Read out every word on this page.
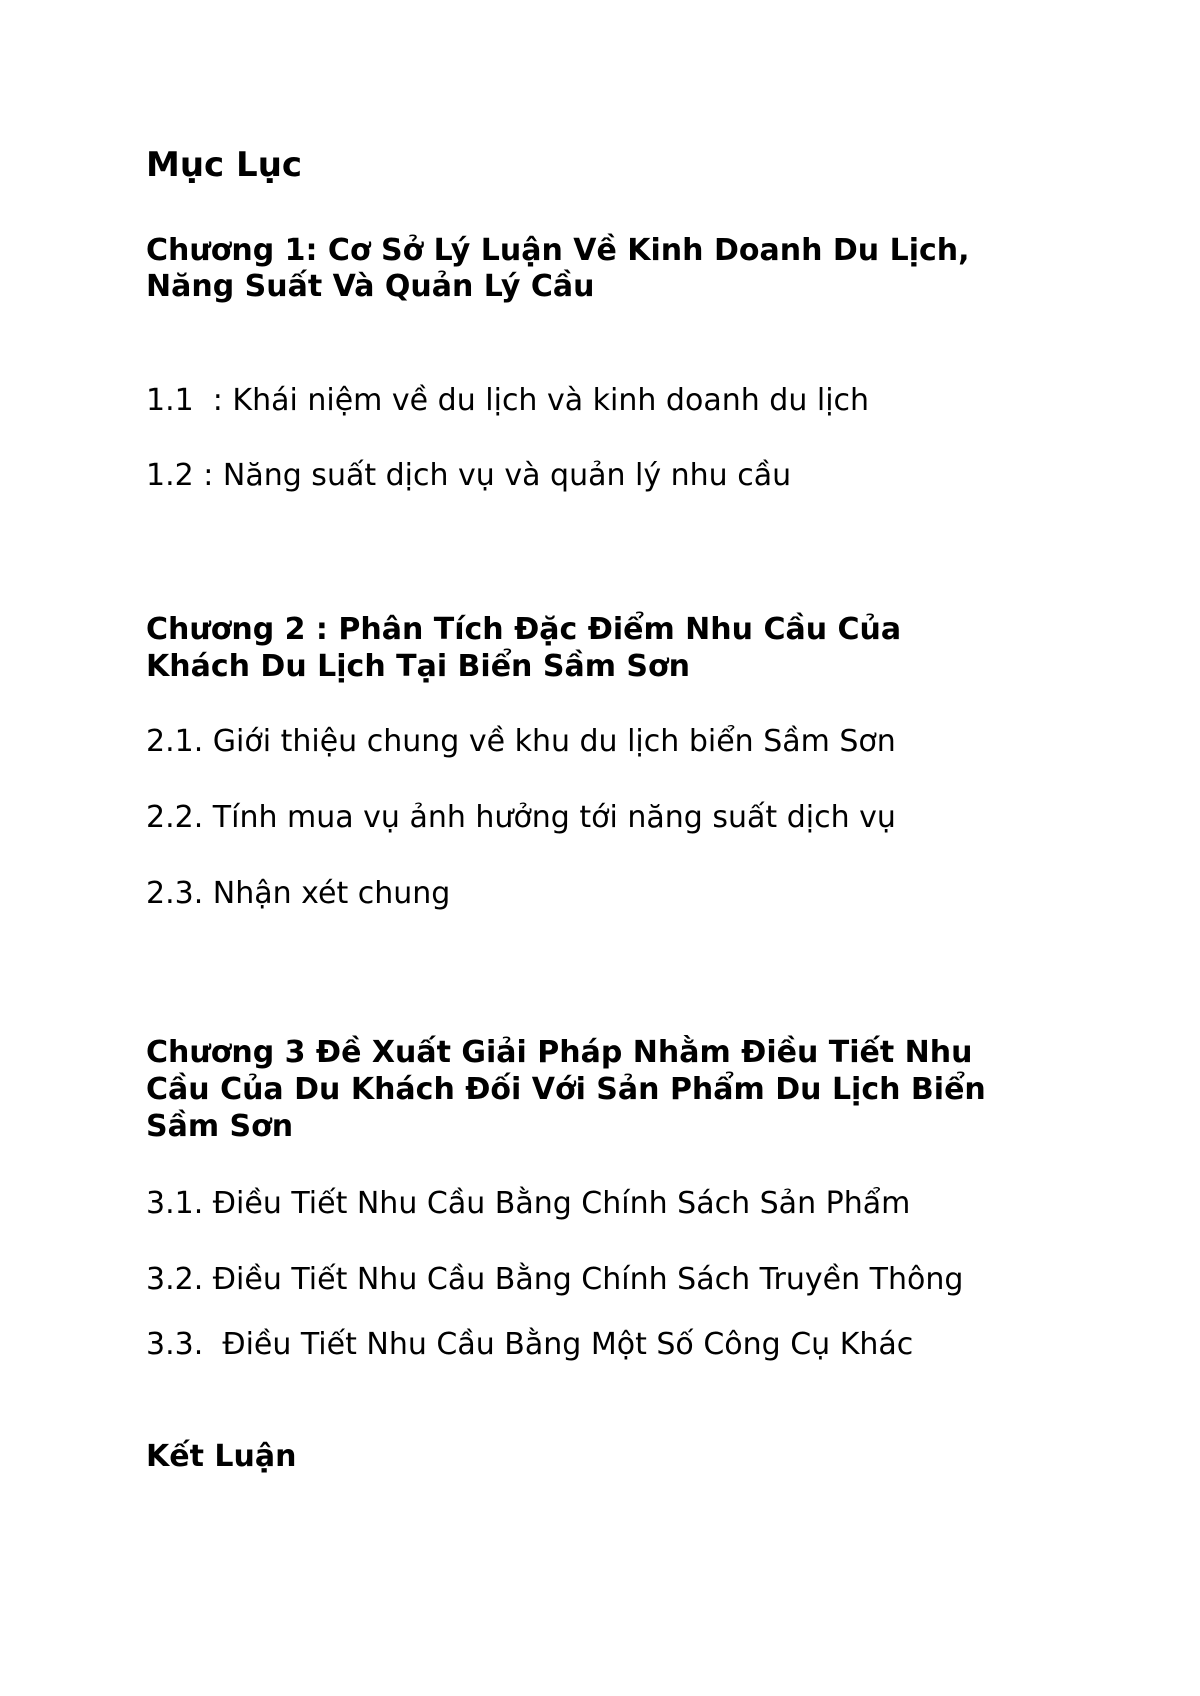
Mục Lục
Chương 1: Cơ Sở Lý Luận Về Kinh Doanh Du Lịch,
Năng Suất Và Quản Lý Cầu
1.1  : Khái niệm về du lịch và kinh doanh du lịch
1.2 : Năng suất dịch vụ và quản lý nhu cầu
Chương 2 : Phân Tích Đặc Điểm Nhu Cầu Của
Khách Du Lịch Tại Biển Sầm Sơn
2.1. Giới thiệu chung về khu du lịch biển Sầm Sơn
2.2. Tính mua vụ ảnh hưởng tới năng suất dịch vụ
2.3. Nhận xét chung
Chương 3 Đề Xuất Giải Pháp Nhằm Điều Tiết Nhu
Cầu Của Du Khách Đối Với Sản Phẩm Du Lịch Biển
Sầm Sơn
3.1. Điều Tiết Nhu Cầu Bằng Chính Sách Sản Phẩm
3.2. Điều Tiết Nhu Cầu Bằng Chính Sách Truyền Thông
3.3.  Điều Tiết Nhu Cầu Bằng Một Số Công Cụ Khác
Kết Luận
